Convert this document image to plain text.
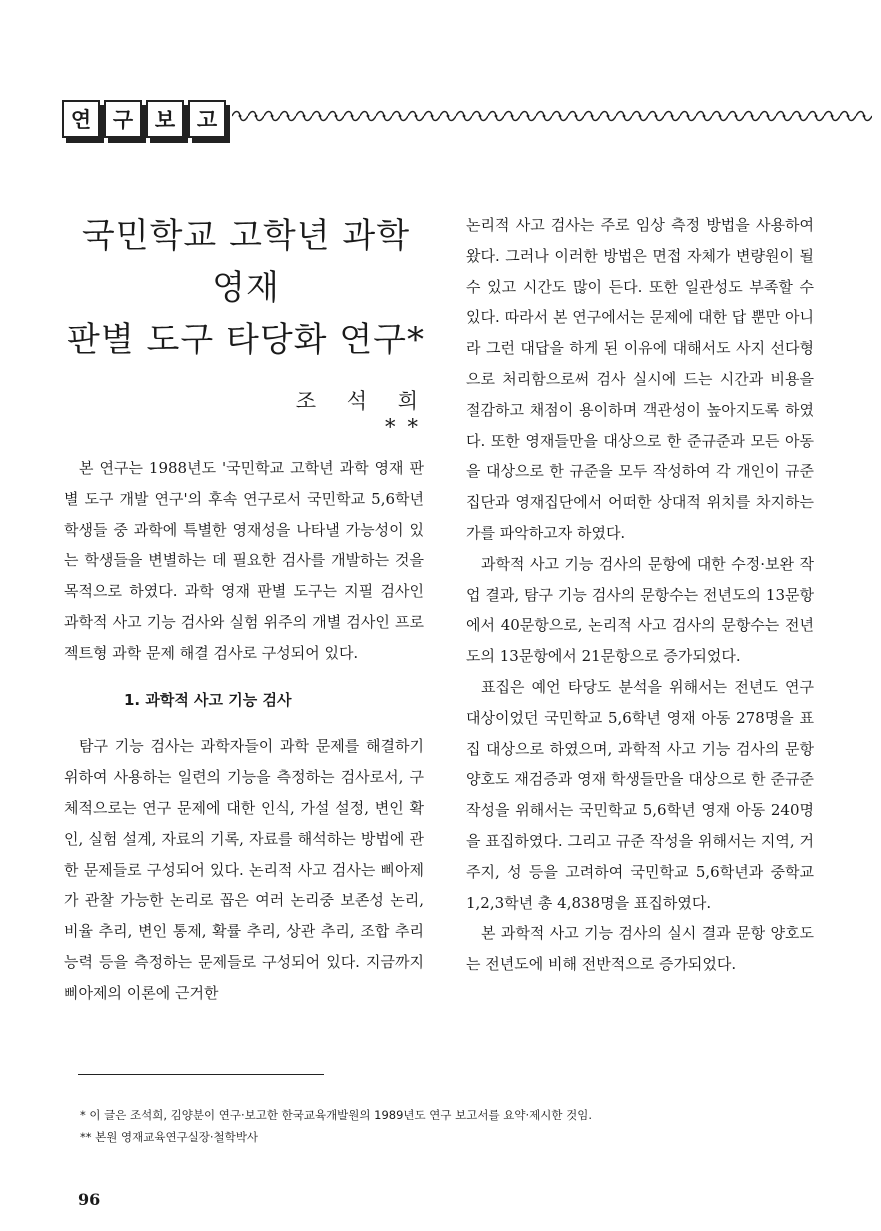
연	구	보	고
국민학교 고학년 과학 영재
판별 도구 타당화 연구*
조 석 희**

본 연구는 1988년도 '국민학교 고학년 과학 영재 판별 도구 개발 연구'의 후속 연구로서 국민학교 5,6학년 학생들 중 과학에 특별한 영재성을 나타낼 가능성이 있는 학생들을 변별하는 데 필요한 검사를 개발하는 것을 목적으로 하였다. 과학 영재 판별 도구는 지필 검사인 과학적 사고 기능 검사와 실험 위주의 개별 검사인 프로젝트형 과학 문제 해결 검사로 구성되어 있다.

1. 과학적 사고 기능 검사

탐구 기능 검사는 과학자들이 과학 문제를 해결하기 위하여 사용하는 일련의 기능을 측정하는 검사로서, 구체적으로는 연구 문제에 대한 인식, 가설 설정, 변인 확인, 실험 설계, 자료의 기록, 자료를 해석하는 방법에 관한 문제들로 구성되어 있다. 논리적 사고 검사는 삐아제가 관찰 가능한 논리로 꼽은 여러 논리중 보존성 논리, 비율 추리, 변인 통제, 확률 추리, 상관 추리, 조합 추리 능력 등을 측정하는 문제들로 구성되어 있다. 지금까지 삐아제의 이론에 근거한

논리적 사고 검사는 주로 임상 측정 방법을 사용하여 왔다. 그러나 이러한 방법은 면접 자체가 변량원이 될 수 있고 시간도 많이 든다. 또한 일관성도 부족할 수 있다. 따라서 본 연구에서는 문제에 대한 답 뿐만 아니라 그런 대답을 하게 된 이유에 대해서도 사지 선다형으로 처리함으로써 검사 실시에 드는 시간과 비용을 절감하고 채점이 용이하며 객관성이 높아지도록 하였다. 또한 영재들만을 대상으로 한 준규준과 모든 아동을 대상으로 한 규준을 모두 작성하여 각 개인이 규준 집단과 영재집단에서 어떠한 상대적 위치를 차지하는가를 파악하고자 하였다.

과학적 사고 기능 검사의 문항에 대한 수정·보완 작업 결과, 탐구 기능 검사의 문항수는 전년도의 13문항에서 40문항으로, 논리적 사고 검사의 문항수는 전년도의 13문항에서 21문항으로 증가되었다.

표집은 예언 타당도 분석을 위해서는 전년도 연구 대상이었던 국민학교 5,6학년 영재 아동 278명을 표집 대상으로 하였으며, 과학적 사고 기능 검사의 문항 양호도 재검증과 영재 학생들만을 대상으로 한 준규준 작성을 위해서는 국민학교 5,6학년 영재 아동 240명을 표집하였다. 그리고 규준 작성을 위해서는 지역, 거주지, 성 등을 고려하여 국민학교 5,6학년과 중학교 1,2,3학년 총 4,838명을 표집하였다.

본 과학적 사고 기능 검사의 실시 결과 문항 양호도는 전년도에 비해 전반적으로 증가되었다.

* 이 글은 조석희, 김양분이 연구·보고한 한국교육개발원의 1989년도 연구 보고서를 요약·제시한 것임.
** 본원 영재교육연구실장·철학박사
96
